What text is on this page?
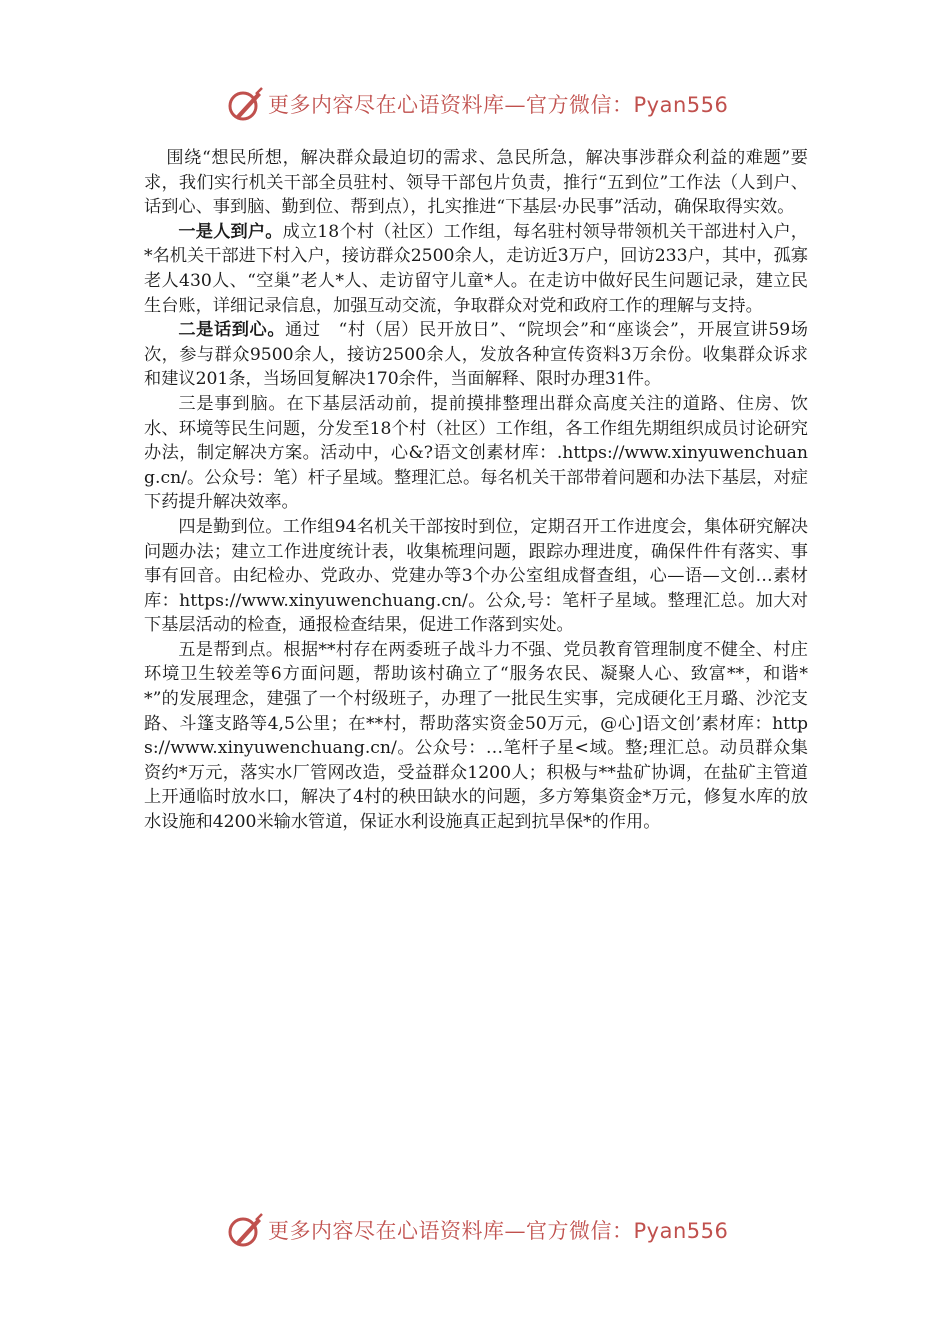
更多内容尽在心语资料库—官方微信：Pyan556

围绕“想民所想，解决群众最迫切的需求、急民所急，解决事涉群众利益的难题”要求，我们实行机关干部全员驻村、领导干部包片负责，推行“五到位”工作法（人到户、话到心、事到脑、勤到位、帮到点），扎实推进“下基层·办民事”活动，确保取得实效。

一是人到户。成立18个村（社区）工作组，每名驻村领导带领机关干部进村入户，*名机关干部进下村入户，接访群众2500余人，走访近3万户，回访233户，其中，孤寡老人430人、“空巢”老人*人、走访留守儿童*人。在走访中做好民生问题记录，建立民生台账，详细记录信息，加强互动交流，争取群众对党和政府工作的理解与支持。

二是话到心。通过　“村（居）民开放日”、“院坝会”和“座谈会”，开展宣讲59场次，参与群众9500余人，接访2500余人，发放各种宣传资料3万余份。收集群众诉求和建议201条，当场回复解决170余件，当面解释、限时办理31件。

三是事到脑。在下基层活动前，提前摸排整理出群众高度关注的道路、住房、饮水、环境等民生问题，分发至18个村（社区）工作组，各工作组先期组织成员讨论研究办法，制定解决方案。活动中，心&?语文创素材库：.https://www.xinyuwenchuang.cn/。公众号：笔）杆子星域。整理汇总。每名机关干部带着问题和办法下基层，对症下药提升解决效率。

四是勤到位。工作组94名机关干部按时到位，定期召开工作进度会，集体研究解决问题办法；建立工作进度统计表，收集梳理问题，跟踪办理进度，确保件件有落实、事事有回音。由纪检办、党政办、党建办等3个办公室组成督查组，心—语—文创…素材库：https://www.xinyuwenchuang.cn/。公众,号：笔杆子星域。整理汇总。加大对下基层活动的检查，通报检查结果，促进工作落到实处。

五是帮到点。根据**村存在两委班子战斗力不强、党员教育管理制度不健全、村庄环境卫生较差等6方面问题，帮助该村确立了“服务农民、凝聚人心、致富**，和谐**”的发展理念，建强了一个村级班子，办理了一批民生实事，完成硬化王月璐、沙沱支路、斗篷支路等4,5公里；在**村，帮助落实资金50万元，@心]语文创’素材库：https://www.xinyuwenchuang.cn/。公众号：…笔杆子星<域。整;理汇总。动员群众集资约*万元，落实水厂管网改造，受益群众1200人；积极与**盐矿协调，在盐矿主管道上开通临时放水口，解决了4村的秧田缺水的问题，多方筹集资金*万元，修复水库的放水设施和4200米输水管道，保证水利设施真正起到抗旱保*的作用。

更多内容尽在心语资料库—官方微信：Pyan556
